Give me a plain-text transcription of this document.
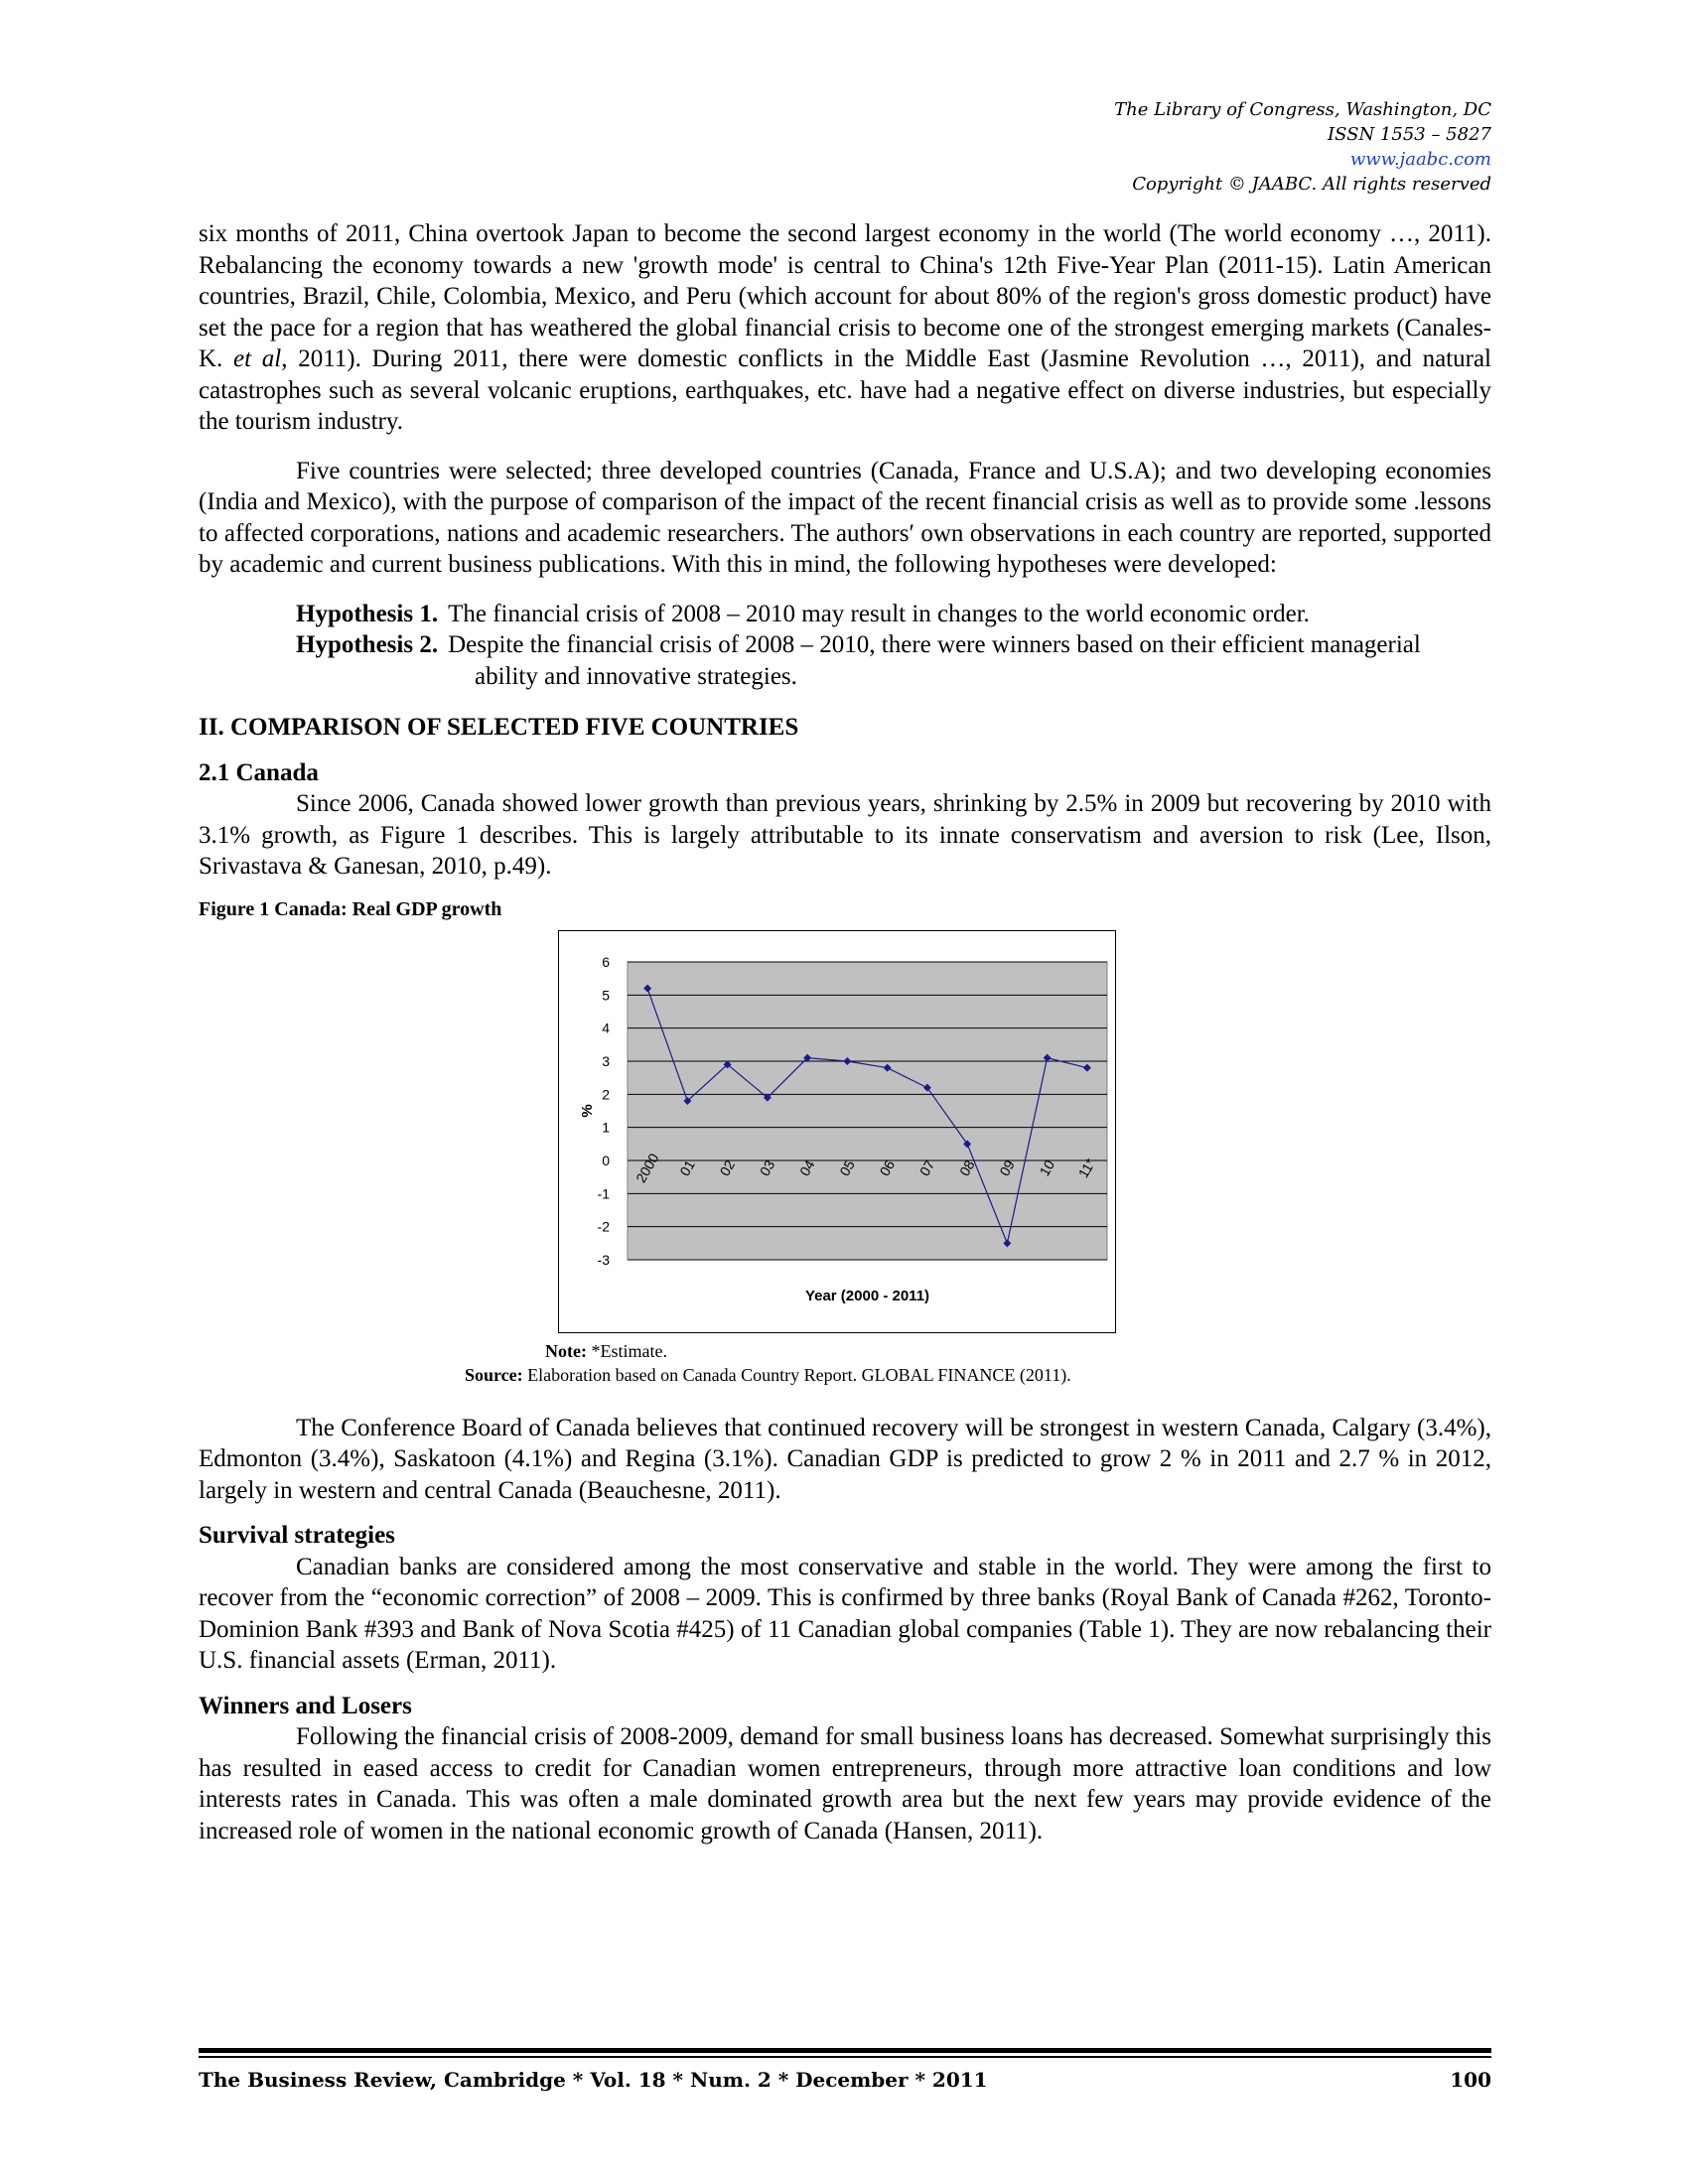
The Library of Congress, Washington, DC
ISSN 1553 – 5827
www.jaabc.com
Copyright © JAABC. All rights reserved

six months of 2011, China overtook Japan to become the second largest economy in the world (The world economy …, 2011). Rebalancing the economy towards a new 'growth mode' is central to China's 12th Five-Year Plan (2011-15). Latin American countries, Brazil, Chile, Colombia, Mexico, and Peru (which account for about 80% of the region's gross domestic product) have set the pace for a region that has weathered the global financial crisis to become one of the strongest emerging markets (Canales-K. et al, 2011). During 2011, there were domestic conflicts in the Middle East (Jasmine Revolution …, 2011), and natural catastrophes such as several volcanic eruptions, earthquakes, etc. have had a negative effect on diverse industries, but especially the tourism industry.

Five countries were selected; three developed countries (Canada, France and U.S.A); and two developing economies (India and Mexico), with the purpose of comparison of the impact of the recent financial crisis as well as to provide some .lessons to affected corporations, nations and academic researchers. The authors′ own observations in each country are reported, supported by academic and current business publications. With this in mind, the following hypotheses were developed:

Hypothesis 1. The financial crisis of 2008 – 2010 may result in changes to the world economic order.
Hypothesis 2. Despite the financial crisis of 2008 – 2010, there were winners based on their efficient managerial
ability and innovative strategies.

II. COMPARISON OF SELECTED FIVE COUNTRIES

2.1 Canada

Since 2006, Canada showed lower growth than previous years, shrinking by 2.5% in 2009 but recovering by 2010 with 3.1% growth, as Figure 1 describes. This is largely attributable to its innate conservatism and aversion to risk (Lee, Ilson, Srivastava & Ganesan, 2010, p.49).

Figure 1 Canada: Real GDP growth

6
5
4
3
2
1
0
-1
-2
-3
2000 01 02 03 04 05 06 07 08 09 10 11*
%
Year (2000 - 2011)
Note: *Estimate.
Source: Elaboration based on Canada Country Report. GLOBAL FINANCE (2011).

The Conference Board of Canada believes that continued recovery will be strongest in western Canada, Calgary (3.4%), Edmonton (3.4%), Saskatoon (4.1%) and Regina (3.1%). Canadian GDP is predicted to grow 2 % in 2011 and 2.7 % in 2012, largely in western and central Canada (Beauchesne, 2011).

Survival strategies

Canadian banks are considered among the most conservative and stable in the world. They were among the first to recover from the “economic correction” of 2008 – 2009. This is confirmed by three banks (Royal Bank of Canada #262, Toronto-Dominion Bank #393 and Bank of Nova Scotia #425) of 11 Canadian global companies (Table 1). They are now rebalancing their U.S. financial assets (Erman, 2011).

Winners and Losers

Following the financial crisis of 2008-2009, demand for small business loans has decreased. Somewhat surprisingly this has resulted in eased access to credit for Canadian women entrepreneurs, through more attractive loan conditions and low interests rates in Canada. This was often a male dominated growth area but the next few years may provide evidence of the increased role of women in the national economic growth of Canada (Hansen, 2011).

The Business Review, Cambridge * Vol. 18 * Num. 2 * December * 2011	100
